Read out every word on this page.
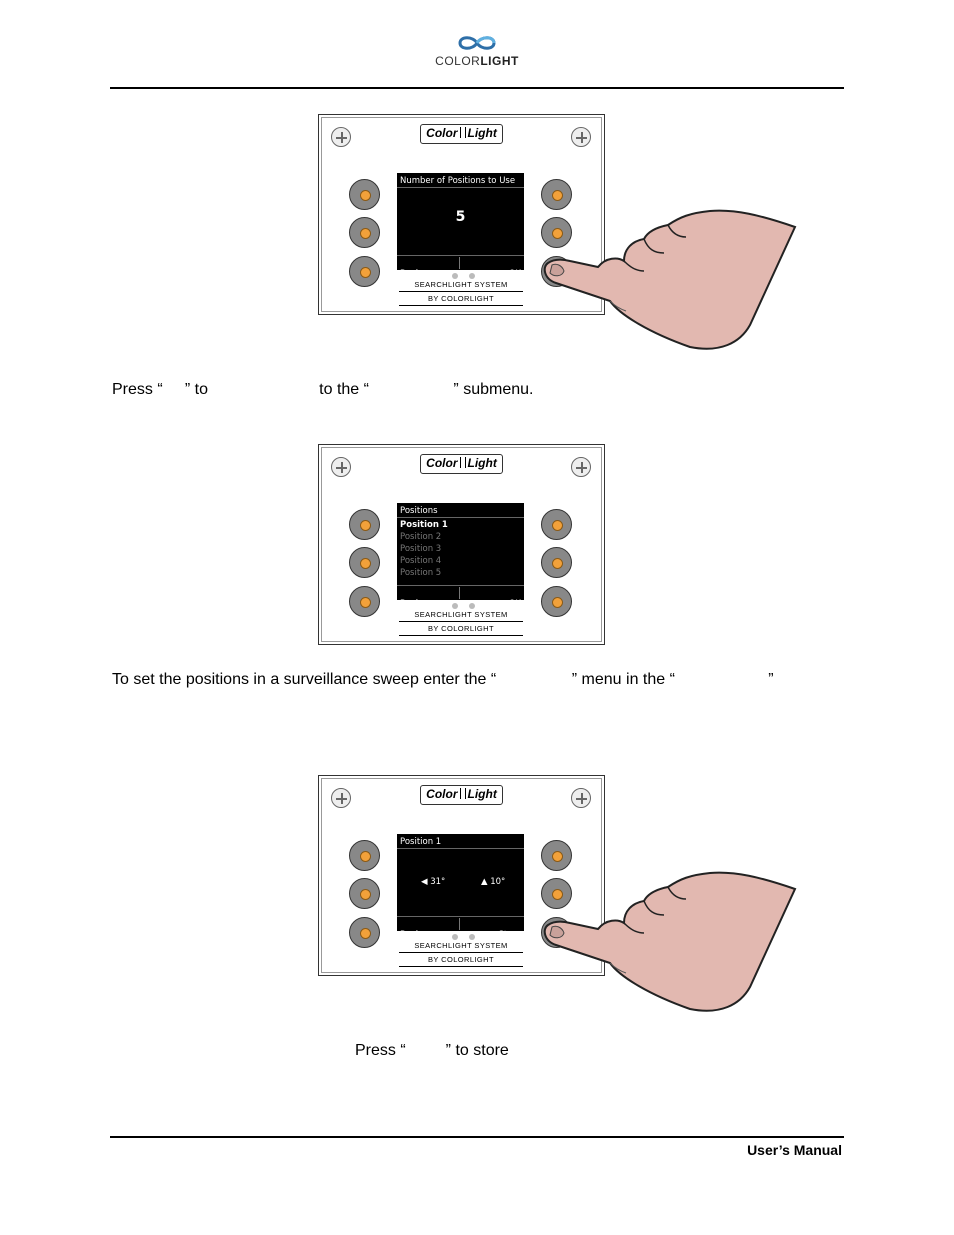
COLORLIGHT
Color Light
Number of Positions to Use
5
Back	OK
SEARCHLIGHT SYSTEM
BY COLORLIGHT
Press “     ” to                         to the “                   ” submenu.
Color Light
Positions
Position 1
Position 2
Position 3
Position 4
Position 5
Back	OK
SEARCHLIGHT SYSTEM
BY COLORLIGHT
To set the positions in a surveillance sweep enter the “                 ” menu in the “                     ”
Color Light
Position 1
◀ 31°	▲ 10°
Back	Store
SEARCHLIGHT SYSTEM
BY COLORLIGHT
Press “         ” to store
User’s Manual
